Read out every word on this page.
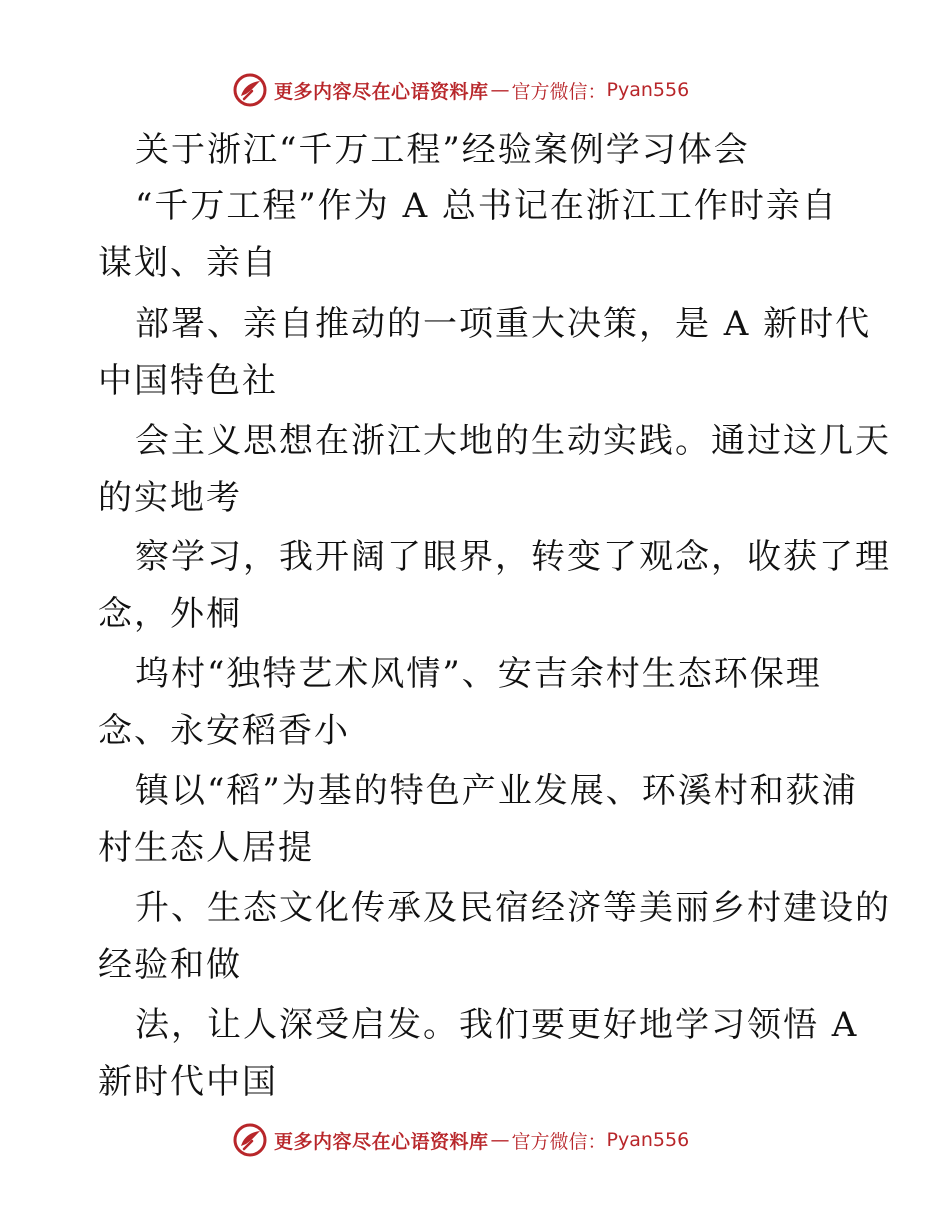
更多内容尽在心语资料库 — 官方微信： Pyan556
关于浙江“千万工程”经验案例学习体会
“千万工程”作为 A 总书记在浙江工作时亲自
谋划、亲自
部署、亲自推动的一项重大决策，是 A 新时代
中国特色社
会主义思想在浙江大地的生动实践。通过这几天
的实地考
察学习，我开阔了眼界，转变了观念，收获了理
念，外桐
坞村“独特艺术风情”、安吉余村生态环保理
念、永安稻香小
镇以“稻”为基的特色产业发展、环溪村和荻浦
村生态人居提
升、生态文化传承及民宿经济等美丽乡村建设的
经验和做
法，让人深受启发。我们要更好地学习领悟 A
新时代中国
更多内容尽在心语资料库 — 官方微信： Pyan556
